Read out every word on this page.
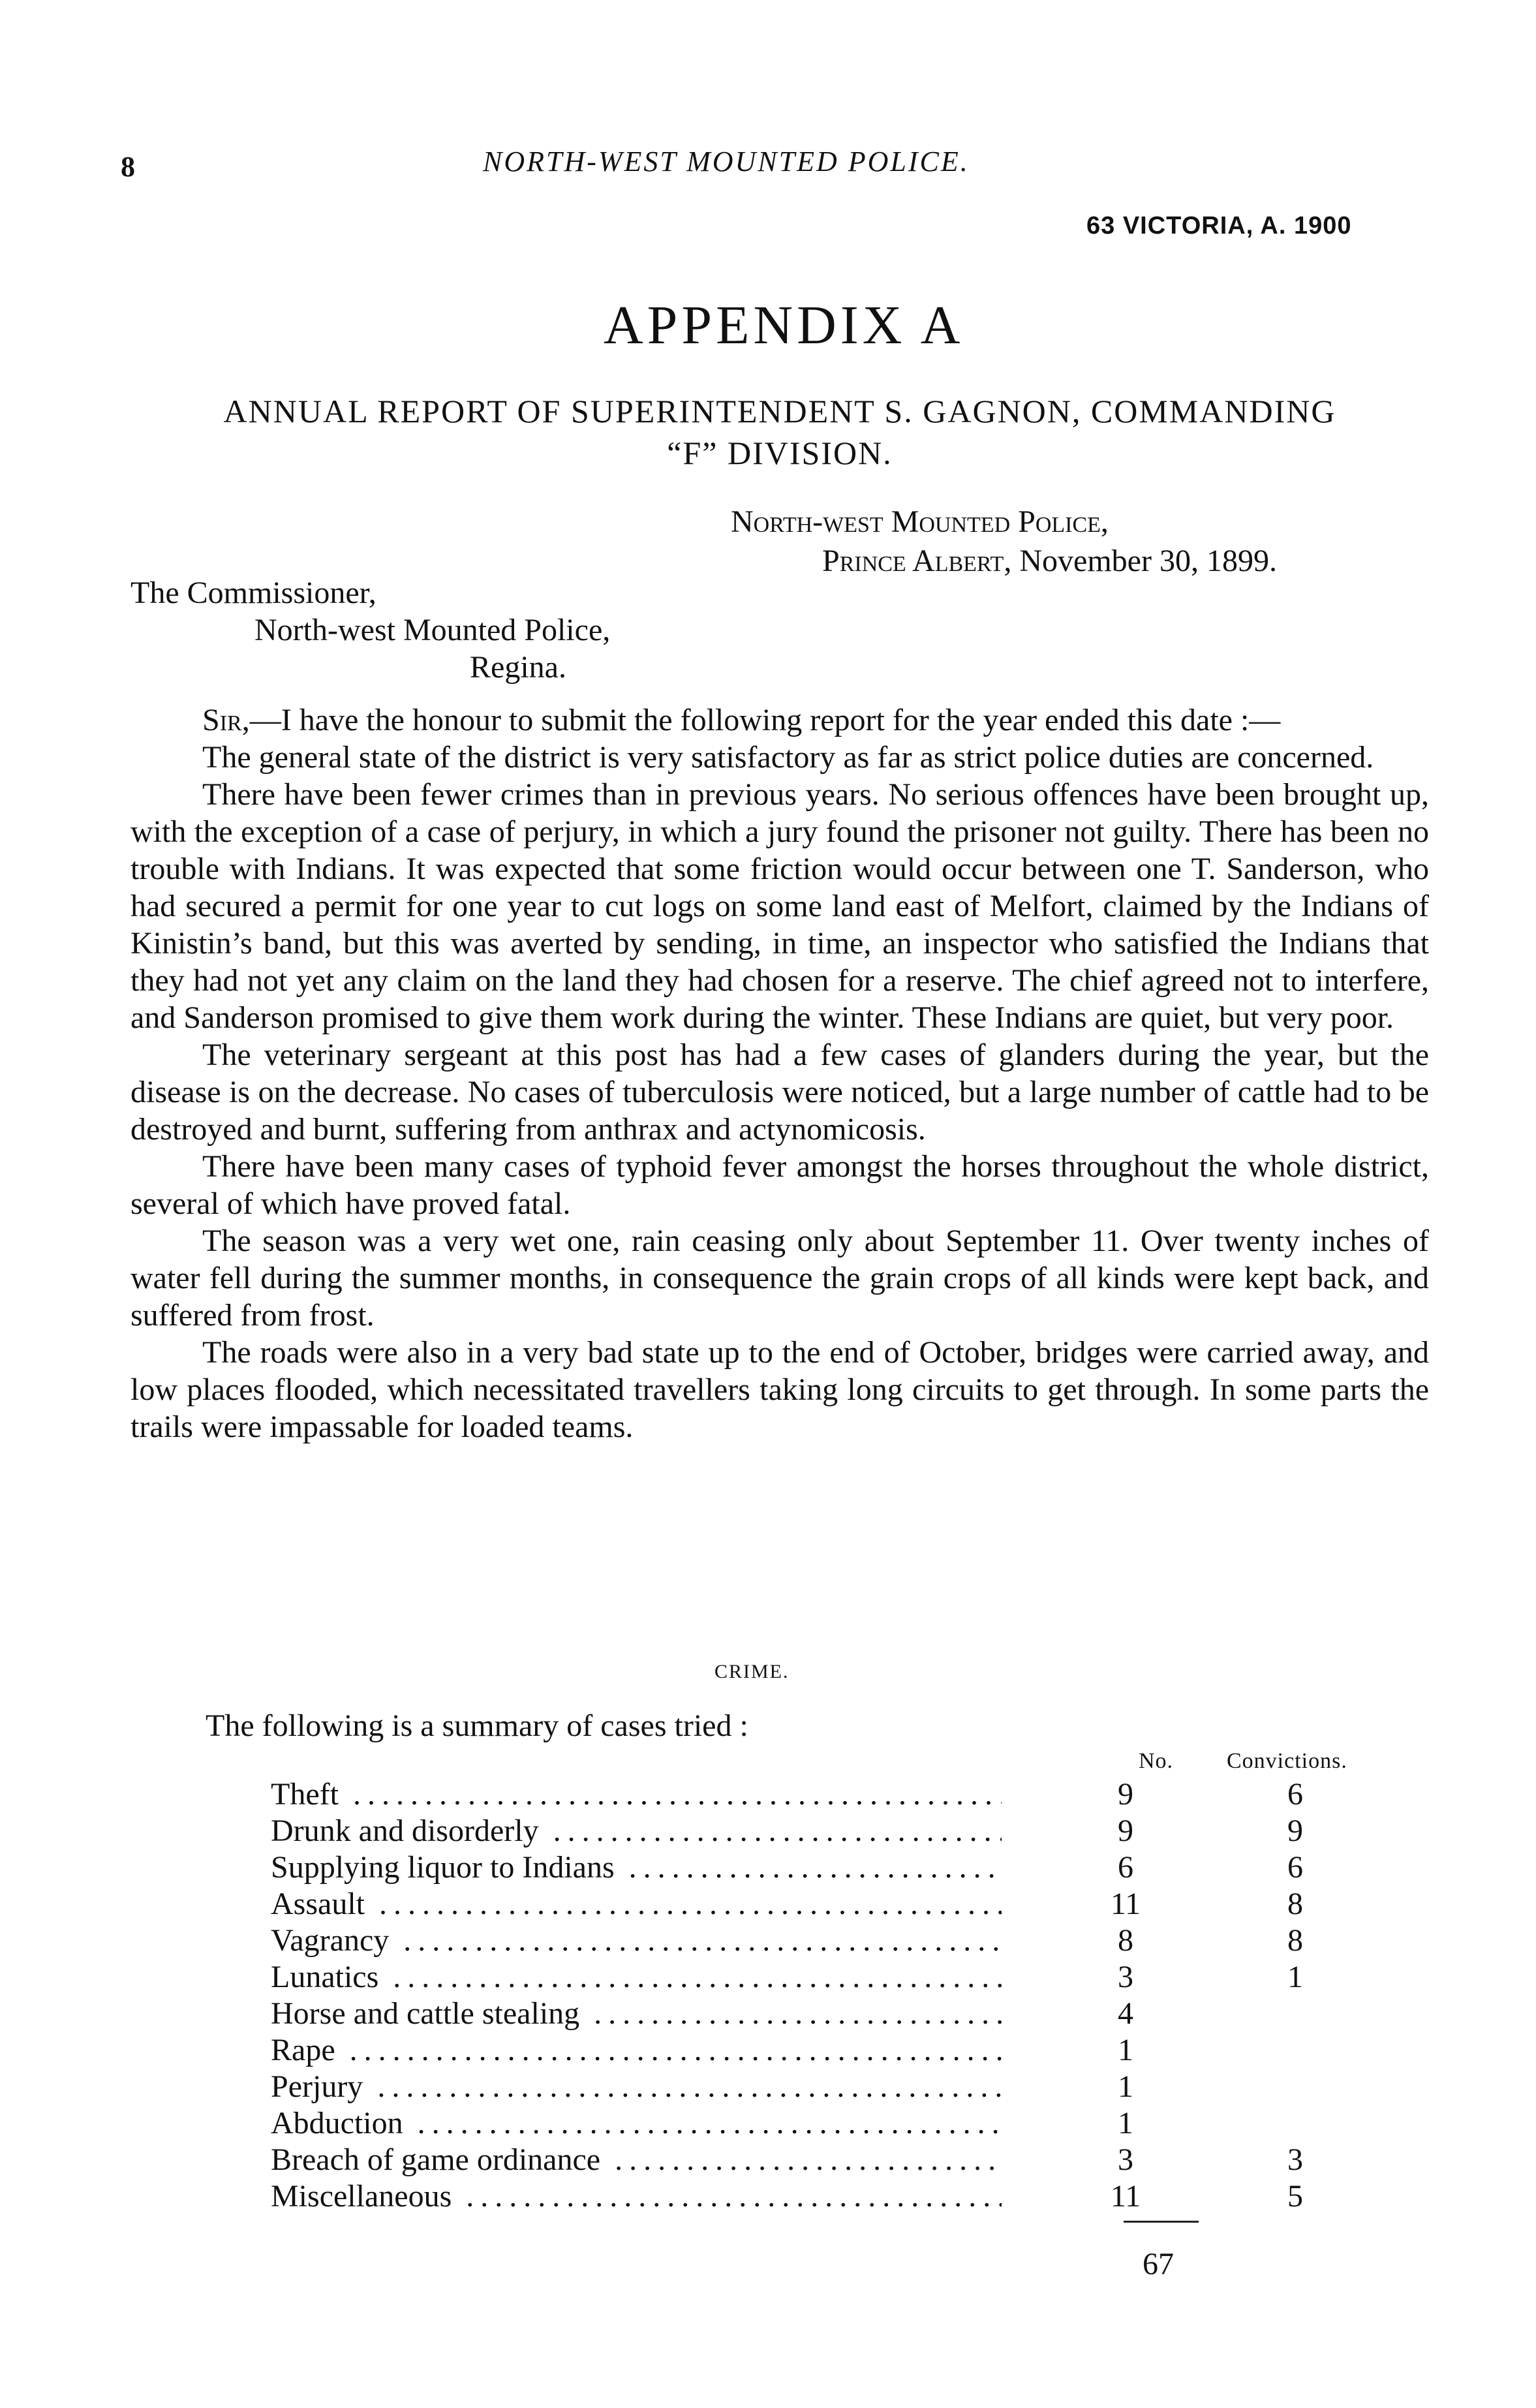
8	NORTH-WEST MOUNTED POLICE.
63 VICTORIA, A. 1900
APPENDIX A
ANNUAL REPORT OF SUPERINTENDENT S. GAGNON, COMMANDING
“F” DIVISION.
North-west Mounted Police,
Prince Albert, November 30, 1899.
The Commissioner,
North-west Mounted Police,
Regina.

Sir,—I have the honour to submit the following report for the year ended this date :—

The general state of the district is very satisfactory as far as strict police duties are concerned.

There have been fewer crimes than in previous years. No serious offences have been brought up, with the exception of a case of perjury, in which a jury found the prisoner not guilty. There has been no trouble with Indians. It was expected that some friction would occur between one T. Sanderson, who had secured a permit for one year to cut logs on some land east of Melfort, claimed by the Indians of Kinistin’s band, but this was averted by sending, in time, an inspector who satisfied the Indians that they had not yet any claim on the land they had chosen for a reserve. The chief agreed not to interfere, and Sanderson promised to give them work during the winter. These Indians are quiet, but very poor.

The veterinary sergeant at this post has had a few cases of glanders during the year, but the disease is on the decrease. No cases of tuberculosis were noticed, but a large number of cattle had to be destroyed and burnt, suffering from anthrax and actynomicosis.

There have been many cases of typhoid fever amongst the horses throughout the whole district, several of which have proved fatal.

The season was a very wet one, rain ceasing only about September 11. Over twenty inches of water fell during the summer months, in consequence the grain crops of all kinds were kept back, and suffered from frost.

The roads were also in a very bad state up to the end of October, bridges were carried away, and low places flooded, which necessitated travellers taking long circuits to get through. In some parts the trails were impassable for loaded teams.

CRIME.
The following is a summary of cases tried :
No. Convictions.
Theft .....	9	6
Drunk and disorderly .....	9	9
Supplying liquor to Indians .....	6	6
Assault .....	11	8
Vagrancy .....	8	8
Lunatics .....	3	1
Horse and cattle stealing .....	4
Rape .....	1
Perjury .....	1
Abduction .....	1
Breach of game ordinance .....	3	3
Miscellaneous .....	11	5
67
